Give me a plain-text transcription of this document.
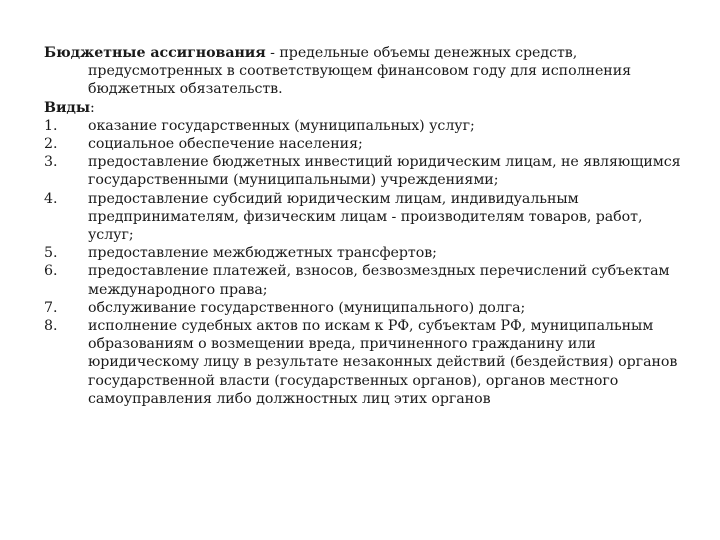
Бюджетные ассигнования - предельные объемы денежных средств, предусмотренных в соответствующем финансовом году для исполнения бюджетных обязательств.

Виды:

1.	оказание государственных (муниципальных) услуг;
2.	социальное обеспечение населения;
3.	предоставление бюджетных инвестиций юридическим лицам, не являющимся государственными (муниципальными) учреждениями;
4.	предоставление субсидий юридическим лицам, индивидуальным предпринимателям, физическим лицам - производителям товаров, работ, услуг;
5.	предоставление межбюджетных трансфертов;
6.	предоставление платежей, взносов, безвозмездных перечислений субъектам международного права;
7.	обслуживание государственного (муниципального) долга;
8.	исполнение судебных актов по искам к РФ, субъектам РФ, муниципальным образованиям о возмещении вреда, причиненного гражданину или юридическому лицу в результате незаконных действий (бездействия) органов государственной власти (государственных органов), органов местного самоуправления либо должностных лиц этих органов
